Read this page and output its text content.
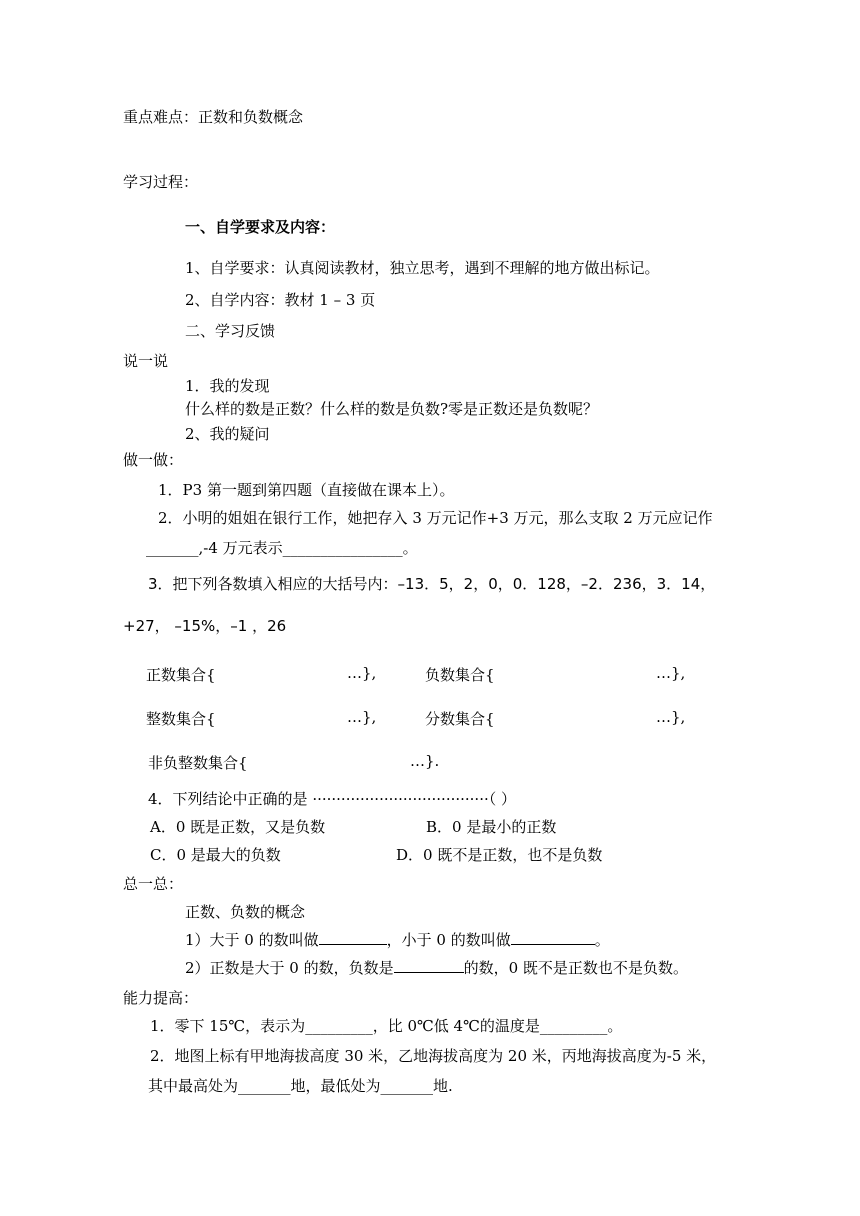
重点难点：正数和负数概念
学习过程：
一、自学要求及内容：
1、自学要求：认真阅读教材，独立思考，遇到不理解的地方做出标记。
2、自学内容：教材 1 – 3 页
二、学习反馈
说一说
1．我的发现
什么样的数是正数？什么样的数是负数?零是正数还是负数呢？
2、我的疑问
做一做：
1．P3 第一题到第四题（直接做在课本上）。
2．小明的姐姐在银行工作，她把存入 3 万元记作+3 万元，那么支取 2 万元应记作
_______,-4 万元表示________________。
3．把下列各数填入相应的大括号内：–13．5，2，0，0．128，–2．236，3．14，
+27， –15%，–1 ，26
正数集合{	…},	负数集合{	…},
整数集合{	…},	分数集合{	…},
非负整数集合{	…}.
4．下列结论中正确的是 ·····································（ ）
A．0 既是正数，又是负数	B．0 是最小的正数
C．0 是最大的负数	D．0 既不是正数，也不是负数
总一总：
正数、负数的概念
1）大于 0 的数叫做	，小于 0 的数叫做	。
2）正数是大于 0 的数，负数是	的数，0 既不是正数也不是负数。
能力提高：
1．零下 15℃，表示为_________，比 0℃低 4℃的温度是_________。
2．地图上标有甲地海拔高度 30 米，乙地海拔高度为 20 米，丙地海拔高度为-5 米，
其中最高处为_______地，最低处为_______地.
